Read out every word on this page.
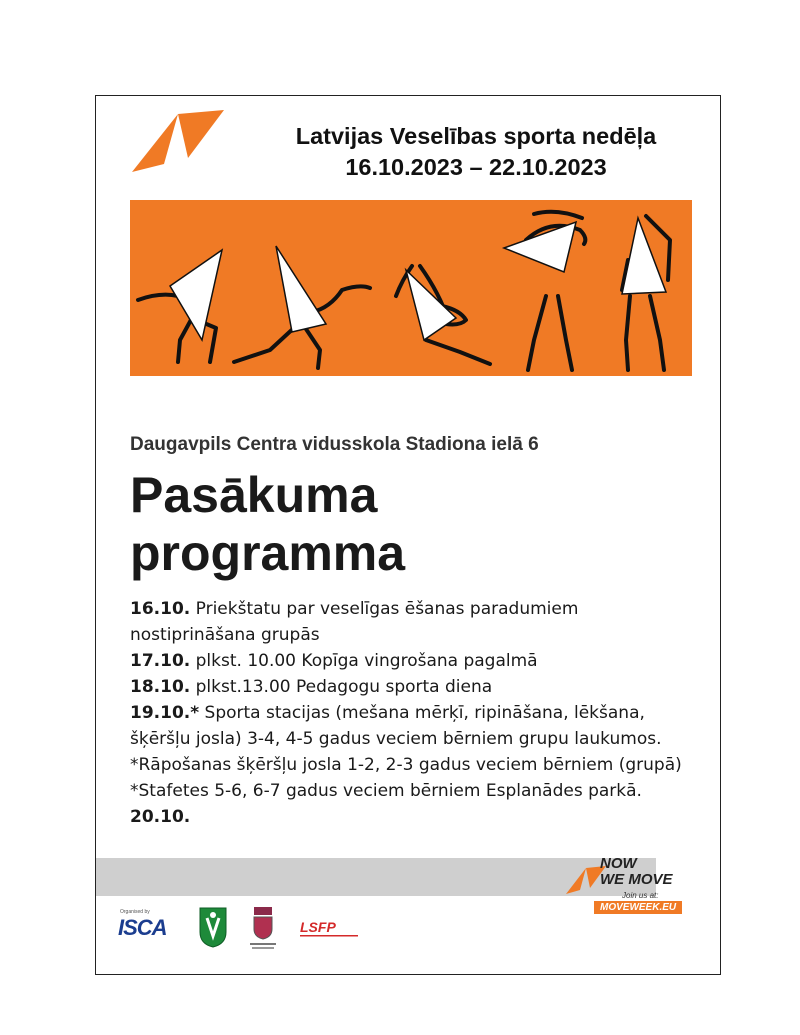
Latvijas Veselības sporta nedēļa
16.10.2023 – 22.10.2023
Daugavpils Centra vidusskola Stadiona ielā 6
Pasākuma
programma

16.10. Priekštatu par veselīgas ēšanas paradumiem nostiprināšana grupās

17.10. plkst. 10.00 Kopīga vingrošana pagalmā

18.10. plkst.13.00 Pedagogu sporta diena

19.10.* Sporta stacijas (mešana mērķī, ripināšana, lēkšana, šķēršļu josla) 3-4, 4-5 gadus veciem bērniem grupu laukumos.

*Rāpošanas šķēršļu josla 1-2, 2-3 gadus veciem bērniem (grupā)

*Stafetes 5-6, 6-7 gadus veciem bērniem Esplanādes parkā.

20.10.

NOW
WE MOVE
Join us at:
MOVEWEEK.EU
Organised by
ISCA	LSFP
